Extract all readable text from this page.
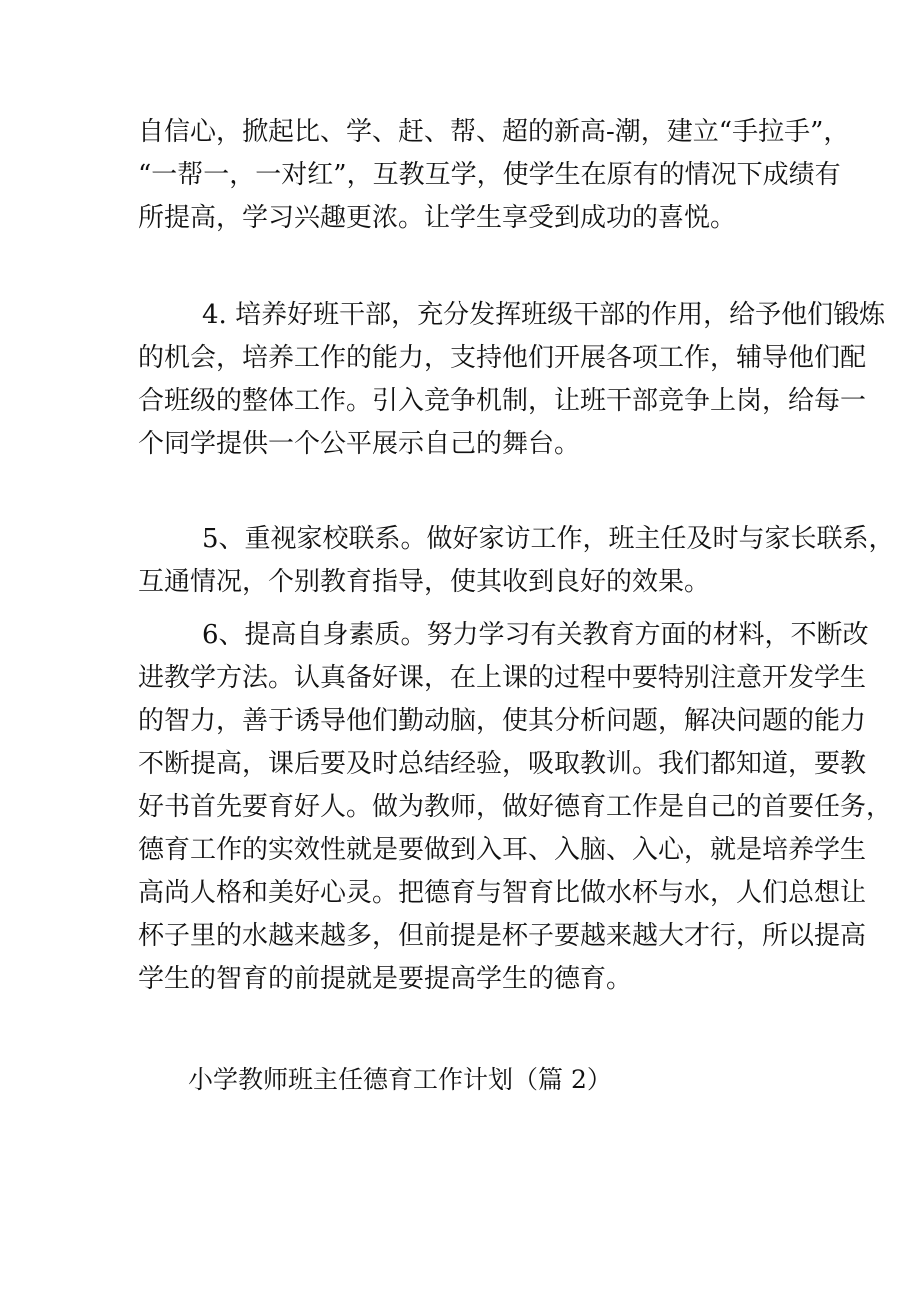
自信心，掀起比、学、赶、帮、超的新高-潮，建立“手拉手”，
“一帮一，一对红”，互教互学，使学生在原有的情况下成绩有
所提高，学习兴趣更浓。让学生享受到成功的喜悦。

4. 培养好班干部，充分发挥班级干部的作用，给予他们锻炼
的机会，培养工作的能力，支持他们开展各项工作，辅导他们配
合班级的整体工作。引入竞争机制，让班干部竞争上岗，给每一
个同学提供一个公平展示自己的舞台。

5、重视家校联系。做好家访工作，班主任及时与家长联系，
互通情况，个别教育指导，使其收到良好的效果。

6、提高自身素质。努力学习有关教育方面的材料，不断改
进教学方法。认真备好课，在上课的过程中要特别注意开发学生
的智力，善于诱导他们勤动脑，使其分析问题，解决问题的能力
不断提高，课后要及时总结经验，吸取教训。我们都知道，要教
好书首先要育好人。做为教师，做好德育工作是自己的首要任务，
德育工作的实效性就是要做到入耳、入脑、入心，就是培养学生
高尚人格和美好心灵。把德育与智育比做水杯与水，人们总想让
杯子里的水越来越多，但前提是杯子要越来越大才行，所以提高
学生的智育的前提就是要提高学生的德育。

小学教师班主任德育工作计划（篇 2）
